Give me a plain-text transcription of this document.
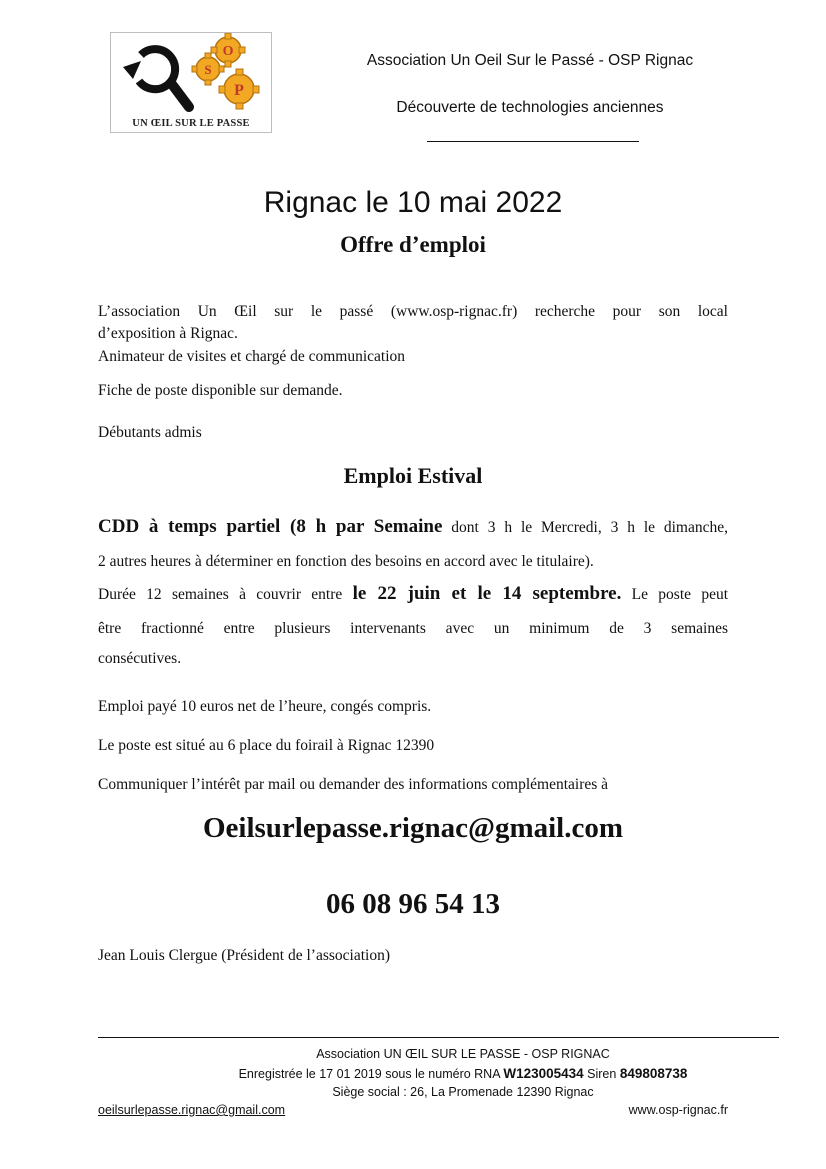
O
S
P
UN ŒIL SUR LE PASSE
Association Un Oeil Sur le Passé - OSP Rignac
Découverte de technologies anciennes
Rignac le 10 mai 2022
Offre d’emploi
L’association Un Œil sur le passé (www.osp-rignac.fr) recherche pour son local
d’exposition à Rignac.
Animateur de visites et chargé de communication
Fiche de poste disponible sur demande.
Débutants admis
Emploi Estival
CDD à temps partiel (8 h par Semaine dont 3 h le Mercredi, 3 h le dimanche,
2 autres heures à déterminer en fonction des besoins en accord avec le titulaire).
Durée 12 semaines à couvrir entre le 22 juin et le 14 septembre. Le poste peut
être fractionné entre plusieurs intervenants avec un minimum de 3 semaines
consécutives.
Emploi payé 10 euros net de l’heure, congés compris.
Le poste est situé au 6 place du foirail à Rignac 12390
Communiquer l’intérêt par mail ou demander des informations complémentaires à
Oeilsurlepasse.rignac@gmail.com
06 08 96 54 13
Jean Louis Clergue (Président de l’association)
Association UN ŒIL SUR LE PASSE - OSP RIGNAC
Enregistrée le 17 01 2019 sous le numéro RNA W123005434 Siren 849808738
Siège social : 26, La Promenade 12390 Rignac
oeilsurlepasse.rignac@gmail.com	www.osp-rignac.fr
